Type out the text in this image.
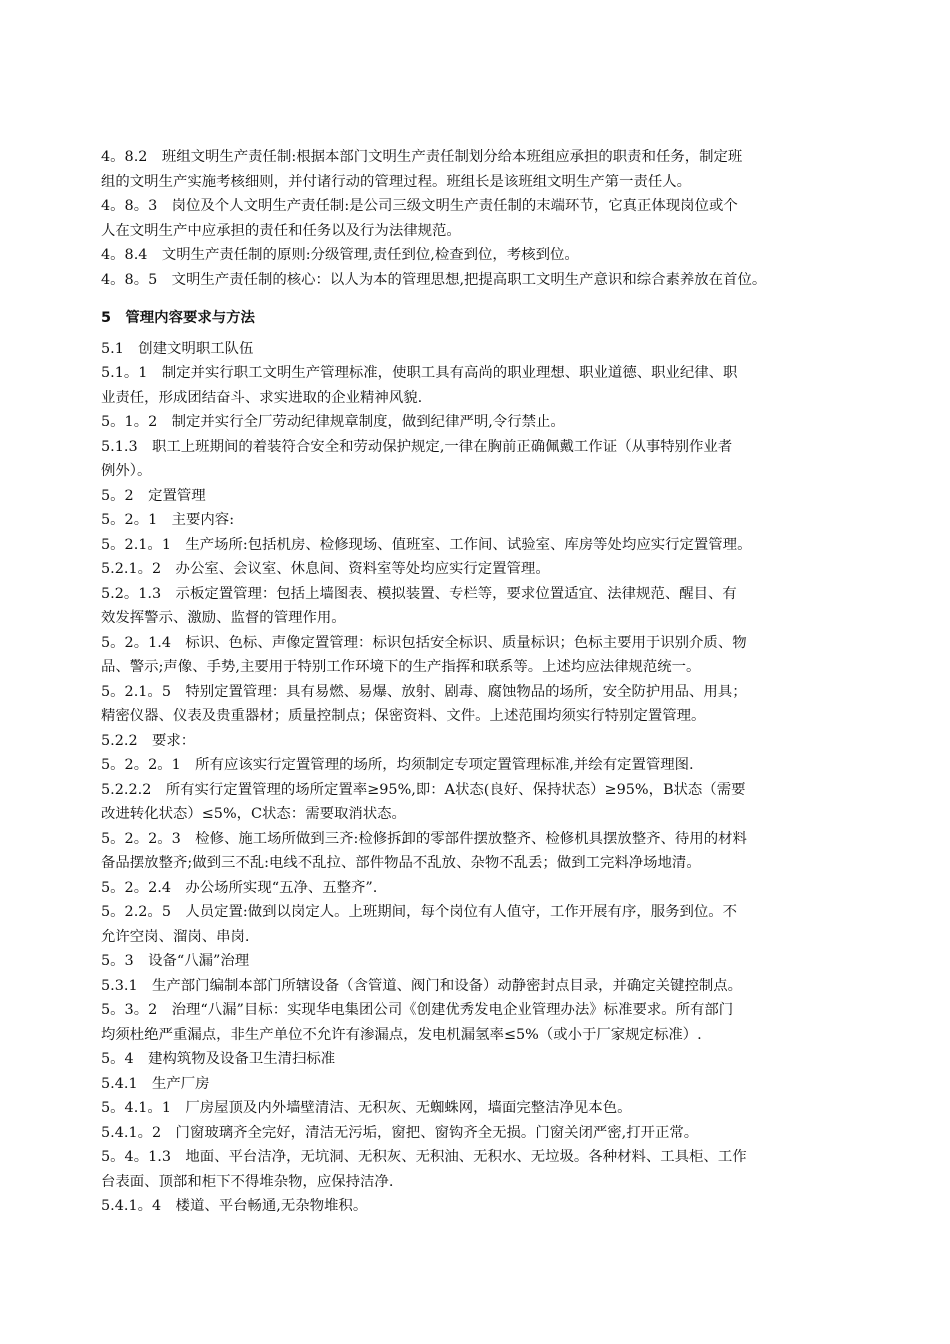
4。8.2　班组文明生产责任制:根据本部门文明生产责任制划分给本班组应承担的职责和任务，制定班
组的文明生产实施考核细则，并付诸行动的管理过程。班组长是该班组文明生产第一责任人。
4。8。3　岗位及个人文明生产责任制:是公司三级文明生产责任制的末端环节，它真正体现岗位或个
人在文明生产中应承担的责任和任务以及行为法律规范。
4。8.4　文明生产责任制的原则:分级管理,责任到位,检查到位，考核到位。
4。8。5　文明生产责任制的核心：以人为本的管理思想,把提高职工文明生产意识和综合素养放在首位。
5　管理内容要求与方法
5.1　创建文明职工队伍
5.1。1　制定并实行职工文明生产管理标准，使职工具有高尚的职业理想、职业道德、职业纪律、职
业责任，形成团结奋斗、求实进取的企业精神风貌.
5。1。2　制定并实行全厂劳动纪律规章制度，做到纪律严明,令行禁止。
5.1.3　职工上班期间的着装符合安全和劳动保护规定,一律在胸前正确佩戴工作证（从事特别作业者
例外）。
5。2　定置管理
5。2。1　主要内容:
5。2.1。1　生产场所:包括机房、检修现场、值班室、工作间、试验室、库房等处均应实行定置管理。
5.2.1。2　办公室、会议室、休息间、资料室等处均应实行定置管理。
5.2。1.3　示板定置管理：包括上墙图表、模拟装置、专栏等，要求位置适宜、法律规范、醒目、有
效发挥警示、激励、监督的管理作用。
5。2。1.4　标识、色标、声像定置管理：标识包括安全标识、质量标识；色标主要用于识别介质、物
品、警示;声像、手势,主要用于特别工作环境下的生产指挥和联系等。上述均应法律规范统一。
5。2.1。5　特别定置管理：具有易燃、易爆、放射、剧毒、腐蚀物品的场所，安全防护用品、用具；
精密仪器、仪表及贵重器材；质量控制点；保密资料、文件。上述范围均须实行特别定置管理。
5.2.2　要求：
5。2。2。1　所有应该实行定置管理的场所，均须制定专项定置管理标准,并绘有定置管理图.
5.2.2.2　所有实行定置管理的场所定置率≥95%,即：A状态(良好、保持状态）≥95%，B状态（需要
改进转化状态）≤5%，C状态：需要取消状态。
5。2。2。3　检修、施工场所做到三齐:检修拆卸的零部件摆放整齐、检修机具摆放整齐、待用的材料
备品摆放整齐;做到三不乱:电线不乱拉、部件物品不乱放、杂物不乱丢；做到工完料净场地清。
5。2。2.4　办公场所实现“五净、五整齐”.
5。2.2。5　人员定置:做到以岗定人。上班期间，每个岗位有人值守，工作开展有序，服务到位。不
允许空岗、溜岗、串岗.
5。3　设备“八漏”治理
5.3.1　生产部门编制本部门所辖设备（含管道、阀门和设备）动静密封点目录，并确定关键控制点。
5。3。2　治理“八漏”目标：实现华电集团公司《创建优秀发电企业管理办法》标准要求。所有部门
均须杜绝严重漏点，非生产单位不允许有渗漏点，发电机漏氢率≤5%（或小于厂家规定标准）.
5。4　建构筑物及设备卫生清扫标准
5.4.1　生产厂房
5。4.1。1　厂房屋顶及内外墙壁清洁、无积灰、无蜘蛛网，墙面完整洁净见本色。
5.4.1。2　门窗玻璃齐全完好，清洁无污垢，窗把、窗钩齐全无损。门窗关闭严密,打开正常。
5。4。1.3　地面、平台洁净，无坑洞、无积灰、无积油、无积水、无垃圾。各种材料、工具柜、工作
台表面、顶部和柜下不得堆杂物，应保持洁净.
5.4.1。4　楼道、平台畅通,无杂物堆积。
